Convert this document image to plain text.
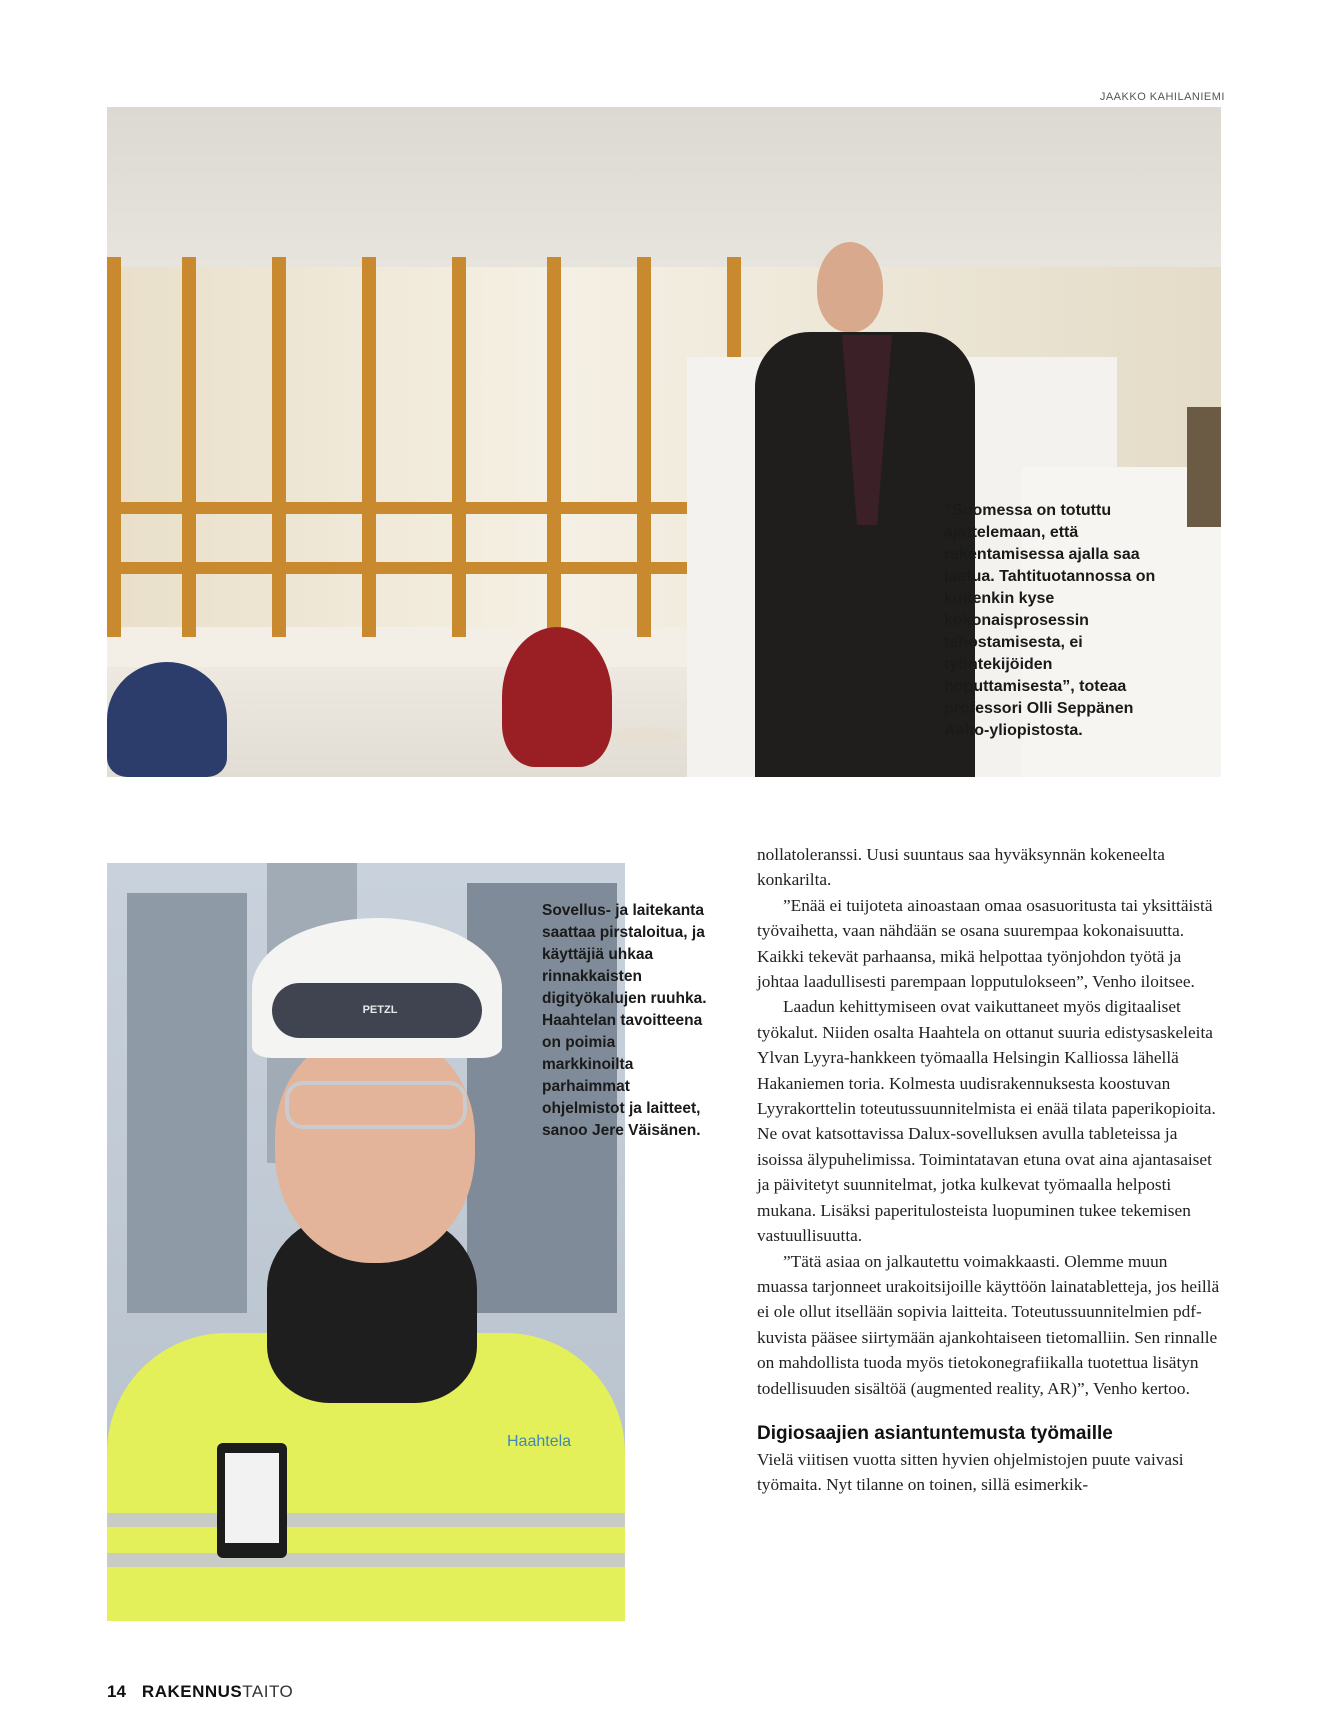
JAAKKO KAHILANIEMI
“Suomessa on totuttu ajattelemaan, että rakentamisessa ajalla saa laatua. Tahtituotannossa on kuitenkin kyse kokonaisprosessin tehostamisesta, ei työntekijöiden hoputtamisesta”, toteaa professori Olli Seppänen Aalto-yliopistosta.
PETZL
Haahtela
Sovellus- ja laitekanta saattaa pirstaloitua, ja käyttäjiä uhkaa rinnakkaisten digityökalujen ruuhka. Haahtelan tavoitteena on poimia markkinoilta parhaimmat ohjelmistot ja laitteet, sanoo Jere Väisänen.

nollatoleranssi. Uusi suuntaus saa hyväksynnän kokeneelta konkarilta.

”Enää ei tuijoteta ainoastaan omaa osasuoritusta tai yksittäistä työvaihetta, vaan nähdään se osana suurempaa kokonaisuutta. Kaikki tekevät parhaansa, mikä helpottaa työnjohdon työtä ja johtaa laadullisesti parempaan lopputulokseen”, Venho iloitsee.

Laadun kehittymiseen ovat vaikuttaneet myös digitaaliset työkalut. Niiden osalta Haahtela on ottanut suuria edistysaskeleita Ylvan Lyyra-hankkeen työmaalla Helsingin Kalliossa lähellä Hakaniemen toria. Kolmesta uudisrakennuksesta koostuvan Lyyrakorttelin toteutussuunnitelmista ei enää tilata paperikopioita. Ne ovat katsottavissa Dalux-sovelluksen avulla tableteissa ja isoissa älypuhelimissa. Toimintatavan etuna ovat aina ajantasaiset ja päivitetyt suunnitelmat, jotka kulkevat työmaalla helposti mukana. Lisäksi paperitulosteista luopuminen tukee tekemisen vastuullisuutta.

”Tätä asiaa on jalkautettu voimakkaasti. Olemme muun muassa tarjonneet urakoitsijoille käyttöön lainatabletteja, jos heillä ei ole ollut itsellään sopivia laitteita. Toteutussuunnitelmien pdf-kuvista pääsee siirtymään ajankohtaiseen tietomalliin. Sen rinnalle on mahdollista tuoda myös tietokonegrafiikalla tuotettua lisätyn todellisuuden sisältöä (augmented reality, AR)”, Venho kertoo.

Digiosaajien asiantuntemusta työmaille

Vielä viitisen vuotta sitten hyvien ohjelmistojen puute vaivasi työmaita. Nyt tilanne on toinen, sillä esimerkik-

14 RAKENNUSTAITO
